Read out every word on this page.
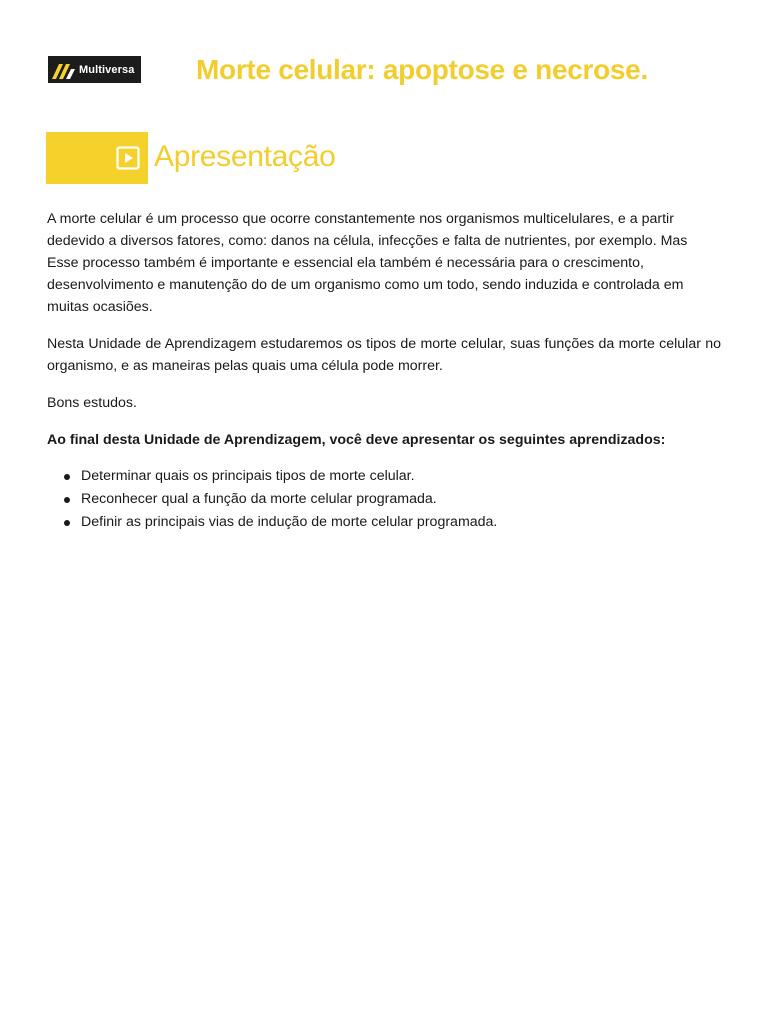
Multiversa Morte celular: apoptose e necrose.
Apresentação

A morte celular é um processo que ocorre constantemente nos organismos multicelulares, e a partir dedevido a diversos fatores, como: danos na célula, infecções e falta de nutrientes, por exemplo. Mas Esse processo também é importante e essencial ela também é necessária para o crescimento, desenvolvimento e manutenção do de um organismo como um todo, sendo induzida e controlada em muitas ocasiões.

Nesta Unidade de Aprendizagem estudaremos os tipos de morte celular, suas funções da morte celular no organismo, e as maneiras pelas quais uma célula pode morrer.

Bons estudos.

Ao final desta Unidade de Aprendizagem, você deve apresentar os seguintes aprendizados:

Determinar quais os principais tipos de morte celular.
Reconhecer qual a função da morte celular programada.
Definir as principais vias de indução de morte celular programada.
